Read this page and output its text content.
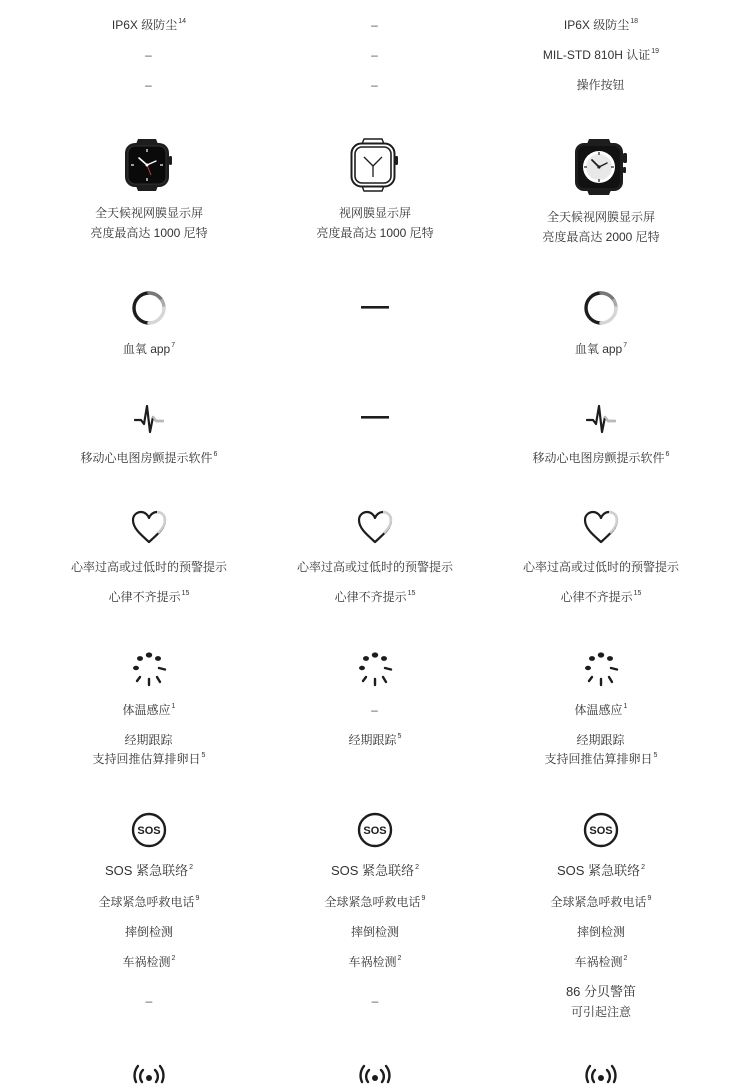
IP6X 级防尘$^{14}$
–
–
全天候视网膜显示屏
亮度最高达 1000 尼特
血氧 app$^7$
移动心电图房颤提示软件$^6$
心率过高或过低时的预警提示
心律不齐提示$^{15}$
体温感应$^1$
经期跟踪
支持回推估算排卵日$^5$
SOS
SOS 紧急联络$^2$
全球紧急呼救电话$^9$
摔倒检测
车祸检测$^2$
–
–
–
–
视网膜显示屏
亮度最高达 1000 尼特
心率过高或过低时的预警提示
心律不齐提示$^{15}$
–
经期跟踪$^5$
SOS
SOS 紧急联络$^2$
全球紧急呼救电话$^9$
摔倒检测
车祸检测$^2$
–
IP6X 级防尘$^{18}$
MIL-STD 810H 认证$^{19}$
操作按钮
全天候视网膜显示屏
亮度最高达 2000 尼特
血氧 app$^7$
移动心电图房颤提示软件$^6$
心率过高或过低时的预警提示
心律不齐提示$^{15}$
体温感应$^1$
经期跟踪
支持回推估算排卵日$^5$
SOS
SOS 紧急联络$^2$
全球紧急呼救电话$^9$
摔倒检测
车祸检测$^2$
86 分贝警笛
可引起注意
